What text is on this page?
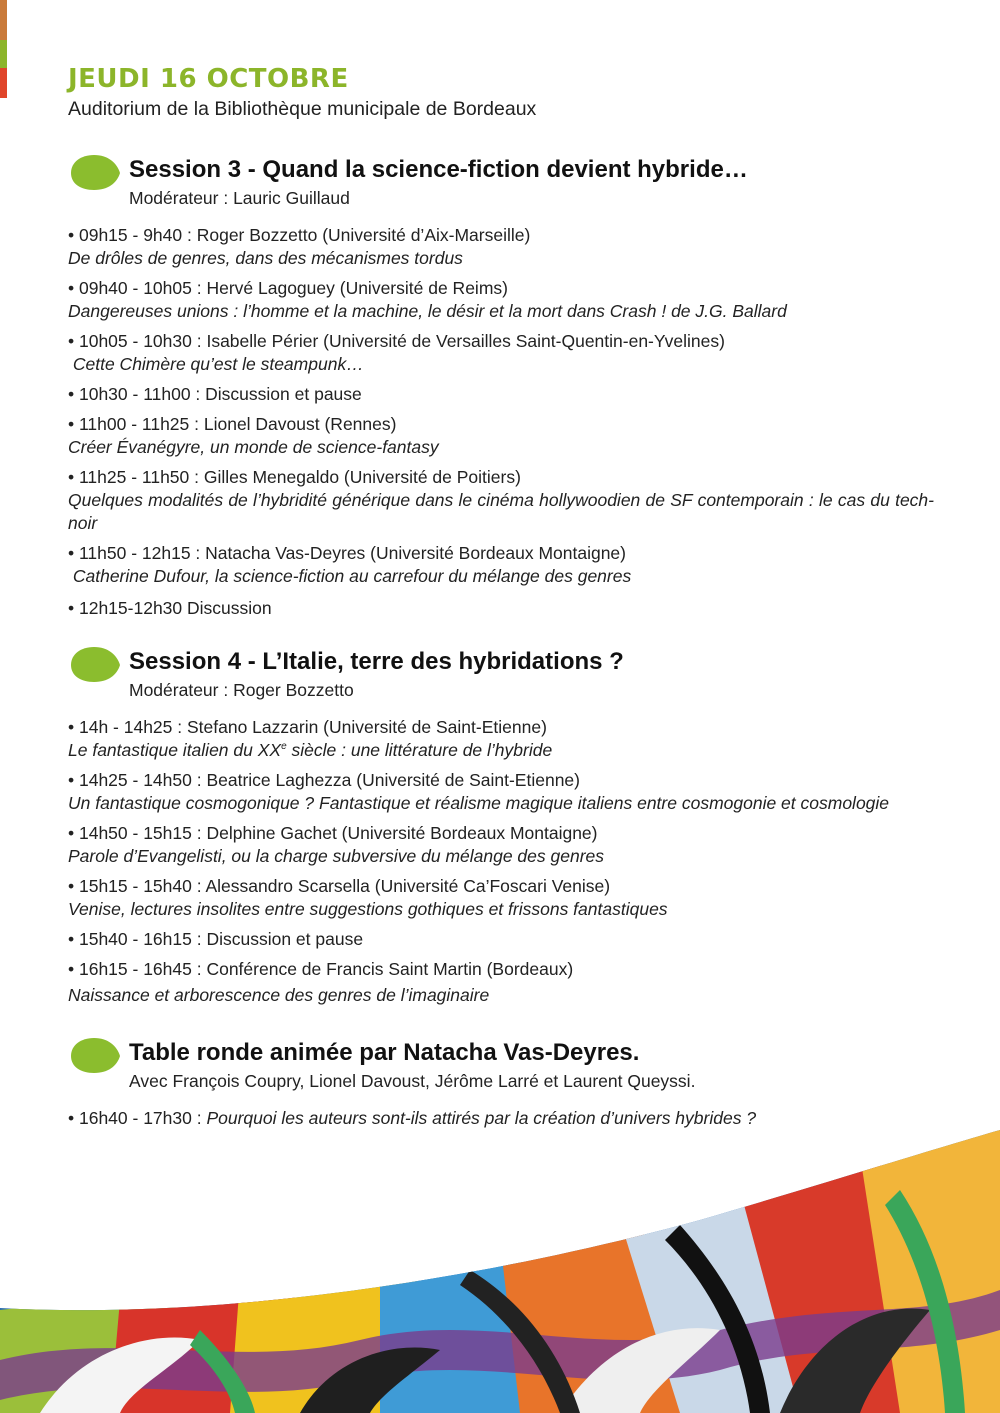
JEUDI 16 OCTOBRE

Auditorium de la Bibliothèque municipale de Bordeaux

Session 3 - Quand la science-fiction devient hybride…

Modérateur : Lauric Guillaud

• 09h15 - 9h40 : Roger Bozzetto (Université d’Aix-Marseille)
De drôles de genres, dans des mécanismes tordus
• 09h40 - 10h05 : Hervé Lagoguey (Université de Reims)
Dangereuses unions : l’homme et la machine, le désir et la mort dans Crash ! de J.G. Ballard
• 10h05 - 10h30 : Isabelle Périer (Université de Versailles Saint-Quentin-en-Yvelines)
Cette Chimère qu’est le steampunk…
• 10h30 - 11h00 : Discussion et pause
• 11h00 - 11h25 : Lionel Davoust (Rennes)
Créer Évanégyre, un monde de science-fantasy
• 11h25 - 11h50 : Gilles Menegaldo (Université de Poitiers)
Quelques modalités de l’hybridité générique dans le cinéma hollywoodien de SF contemporain : le cas du tech-noir
• 11h50 - 12h15 : Natacha Vas-Deyres (Université Bordeaux Montaigne)
Catherine Dufour, la science-fiction au carrefour du mélange des genres
• 12h15-12h30 Discussion
Session 4 - L’Italie, terre des hybridations ?

Modérateur : Roger Bozzetto

• 14h - 14h25 : Stefano Lazzarin (Université de Saint-Etienne)
Le fantastique italien du XXe siècle : une littérature de l’hybride
• 14h25 - 14h50 : Beatrice Laghezza (Université de Saint-Etienne)
Un fantastique cosmogonique ? Fantastique et réalisme magique italiens entre cosmogonie et cosmologie
• 14h50 - 15h15 : Delphine Gachet (Université Bordeaux Montaigne)
Parole d’Evangelisti, ou la charge subversive du mélange des genres
• 15h15 - 15h40 : Alessandro Scarsella (Université Ca’Foscari Venise)
Venise, lectures insolites entre suggestions gothiques et frissons fantastiques
• 15h40 - 16h15 : Discussion et pause
• 16h15 - 16h45 : Conférence de Francis Saint Martin (Bordeaux)
Naissance et arborescence des genres de l’imaginaire
Table ronde animée par Natacha Vas-Deyres.

Avec François Coupry, Lionel Davoust, Jérôme Larré et Laurent Queyssi.

• 16h40 - 17h30 : Pourquoi les auteurs sont-ils attirés par la création d’univers hybrides ?
